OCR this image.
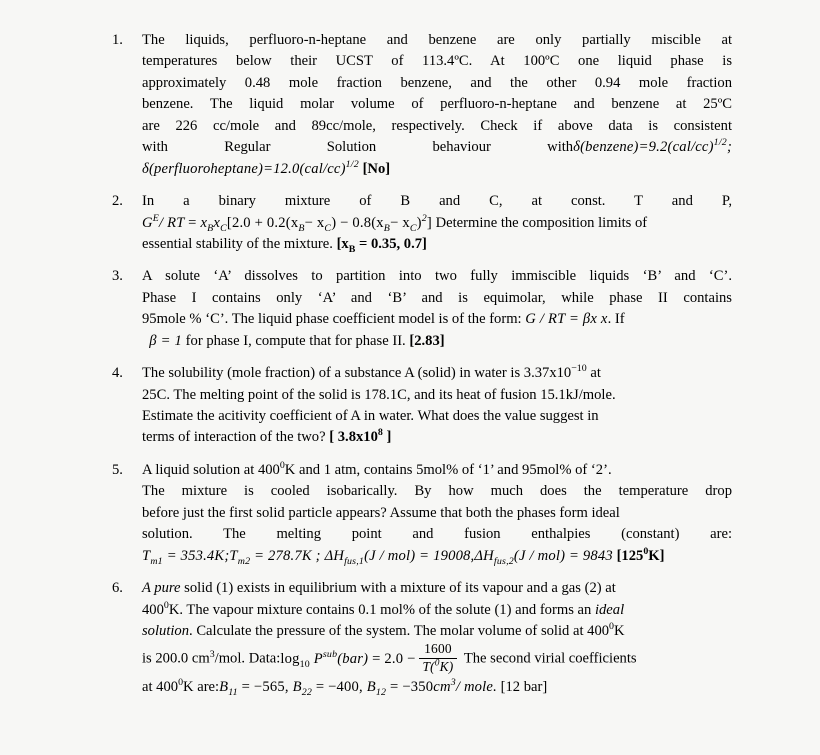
1.	The liquids, perfluoro-n-heptane and benzene are only partially miscible at
temperatures below their UCST of 113.4ºC. At 100ºC one liquid phase is
approximately 0.48 mole fraction benzene, and the other 0.94 mole fraction
benzene. The liquid molar volume of perfluoro-n-heptane and benzene at 25ºC
are 226 cc/mole and 89cc/mole, respectively. Check if above data is consistent
with Regular Solution behaviour $with\delta(benzene)=9.2(cal/cc)^{1/2}$;
$\delta(perfluoroheptane)=12.0(cal/cc)^{1/2}$ [No]
2.	In a binary mixture of B and C, at const. T and P,
$G^E/$ RT = $x_Bx_C[2.0 + 0.2(x_B- x_C) - 0.8(x_B- x_C)^2]$ Determine the composition limits of
essential stability of the mixture. [$x_B = 0.35$, 0.7]
3.	A solute ‘A’ dissolves to partition into two fully immiscible liquids ‘B’ and ‘C’.
Phase I contains only ‘A’ and ‘B’ and is equimolar, while phase II contains
95mole % ‘C’. The liquid phase coefficient model is of the form: G / RT = βx x. If
β = 1 for phase I, compute that for phase II. [2.83]
4.	The solubility (mole fraction) of a substance A (solid) in water is $3.37x10^{-10}$ at
25C. The melting point of the solid is 178.1C, and its heat of fusion 15.1kJ/mole.
Estimate the acitivity coefficient of A in water. What does the value suggest in
terms of interaction of the two? [ $3.8x10^8$ ]
5.	A liquid solution at $400^0K$ and 1 atm, contains 5mol% of ‘1’ and 95mol% of ‘2’.
The mixture is cooled isobarically. By how much does the temperature drop
before just the first solid particle appears? Assume that both the phases form ideal
solution. The melting point and fusion enthalpies (constant) are:
$T_{m1}$ = $353.4K;T_{m2} = 278.7K$ ; $\Delta H_{fus,1}(J / mol) = 19008,\Delta H_{fus,2}(J / mol) = 9843$ $[125^0K]$
6.	A pure solid (1) exists in equilibrium with a mixture of its vapour and a gas (2) at
$400^0K$. The vapour mixture contains 0.1 mol% of the solute (1) and forms an ideal
solution. Calculate the pressure of the system. The molar volume of solid at $400^0K$
is 200.0 $cm^3$/mol. $Data:\log_{10}$ $P^{sub}(bar) = 2.0 - \frac{1600}{T(^0K)}$ The second virial coefficients
at $400^0K$ $are:B_{11} = -565$, $B_{22} = -400$, $B_{12} = -350cm^3/$ mole. [12 bar]
